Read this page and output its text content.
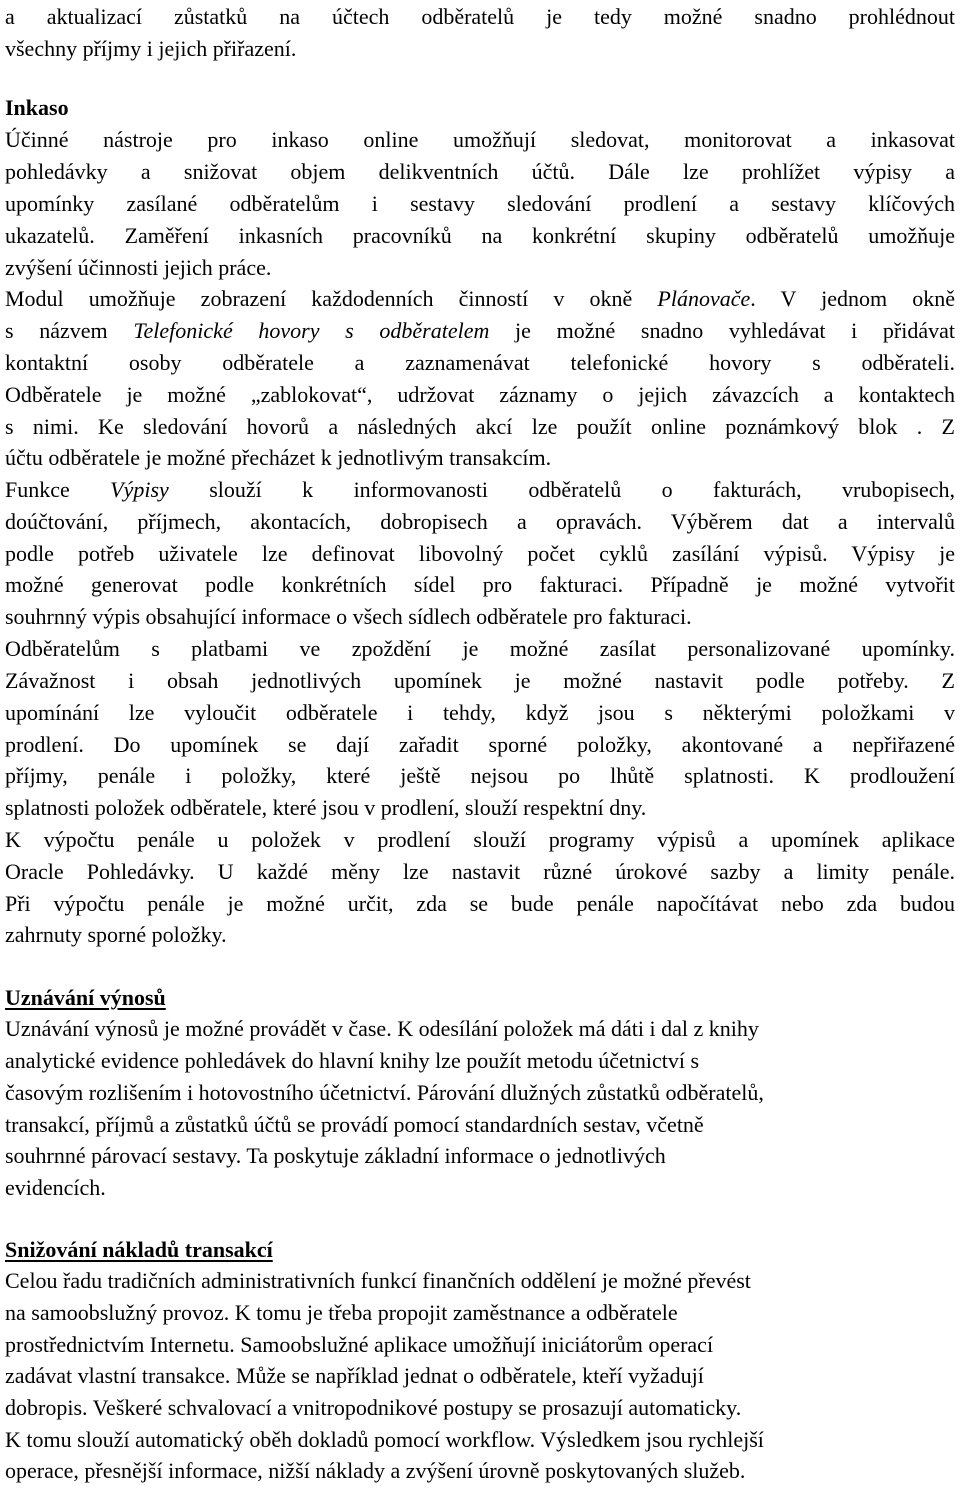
a aktualizací zůstatků na účtech odběratelů je tedy možné snadno prohlédnout
všechny příjmy i jejich přiřazení.
Inkaso
Účinné nástroje pro inkaso online umožňují sledovat, monitorovat a inkasovat
pohledávky a snižovat objem delikventních účtů. Dále lze prohlížet výpisy a
upomínky zasílané odběratelům i sestavy sledování prodlení a sestavy klíčových
ukazatelů. Zaměření inkasních pracovníků na konkrétní skupiny odběratelů umožňuje
zvýšení účinnosti jejich práce.
Modul umožňuje zobrazení každodenních činností v okně Plánovače. V jednom okně
s názvem Telefonické hovory s odběratelem je možné snadno vyhledávat i přidávat
kontaktní osoby odběratele a zaznamenávat telefonické hovory s odběrateli.
Odběratele je možné „zablokovat“, udržovat záznamy o jejich závazcích a kontaktech
s nimi. Ke sledování hovorů a následných akcí lze použít online poznámkový blok . Z
účtu odběratele je možné přecházet k jednotlivým transakcím.
Funkce Výpisy slouží k informovanosti odběratelů o fakturách, vrubopisech,
doúčtování, příjmech, akontacích, dobropisech a opravách. Výběrem dat a intervalů
podle potřeb uživatele lze definovat libovolný počet cyklů zasílání výpisů. Výpisy je
možné generovat podle konkrétních sídel pro fakturaci. Případně je možné vytvořit
souhrnný výpis obsahující informace o všech sídlech odběratele pro fakturaci.
Odběratelům s platbami ve zpoždění je možné zasílat personalizované upomínky.
Závažnost i obsah jednotlivých upomínek je možné nastavit podle potřeby. Z
upomínání lze vyloučit odběratele i tehdy, když jsou s některými položkami v
prodlení. Do upomínek se dají zařadit sporné položky, akontované a nepřiřazené
příjmy, penále i položky, které ještě nejsou po lhůtě splatnosti. K prodloužení
splatnosti položek odběratele, které jsou v prodlení, slouží respektní dny.
K výpočtu penále u položek v prodlení slouží programy výpisů a upomínek aplikace
Oracle Pohledávky. U každé měny lze nastavit různé úrokové sazby a limity penále.
Při výpočtu penále je možné určit, zda se bude penále napočítávat nebo zda budou
zahrnuty sporné položky.
Uznávání výnosů
Uznávání výnosů je možné provádět v čase. K odesílání položek má dáti i dal z knihy
analytické evidence pohledávek do hlavní knihy lze použít metodu účetnictví s
časovým rozlišením i hotovostního účetnictví. Párování dlužných zůstatků odběratelů,
transakcí, příjmů a zůstatků účtů se provádí pomocí standardních sestav, včetně
souhrnné párovací sestavy. Ta poskytuje základní informace o jednotlivých
evidencích.
Snižování nákladů transakcí
Celou řadu tradičních administrativních funkcí finančních oddělení je možné převést
na samoobslužný provoz. K tomu je třeba propojit zaměstnance a odběratele
prostřednictvím Internetu. Samoobslužné aplikace umožňují iniciátorům operací
zadávat vlastní transakce. Může se například jednat o odběratele, kteří vyžadují
dobropis. Veškeré schvalovací a vnitropodnikové postupy se prosazují automaticky.
K tomu slouží automatický oběh dokladů pomocí workflow. Výsledkem jsou rychlejší
operace, přesnější informace, nižší náklady a zvýšení úrovně poskytovaných služeb.
